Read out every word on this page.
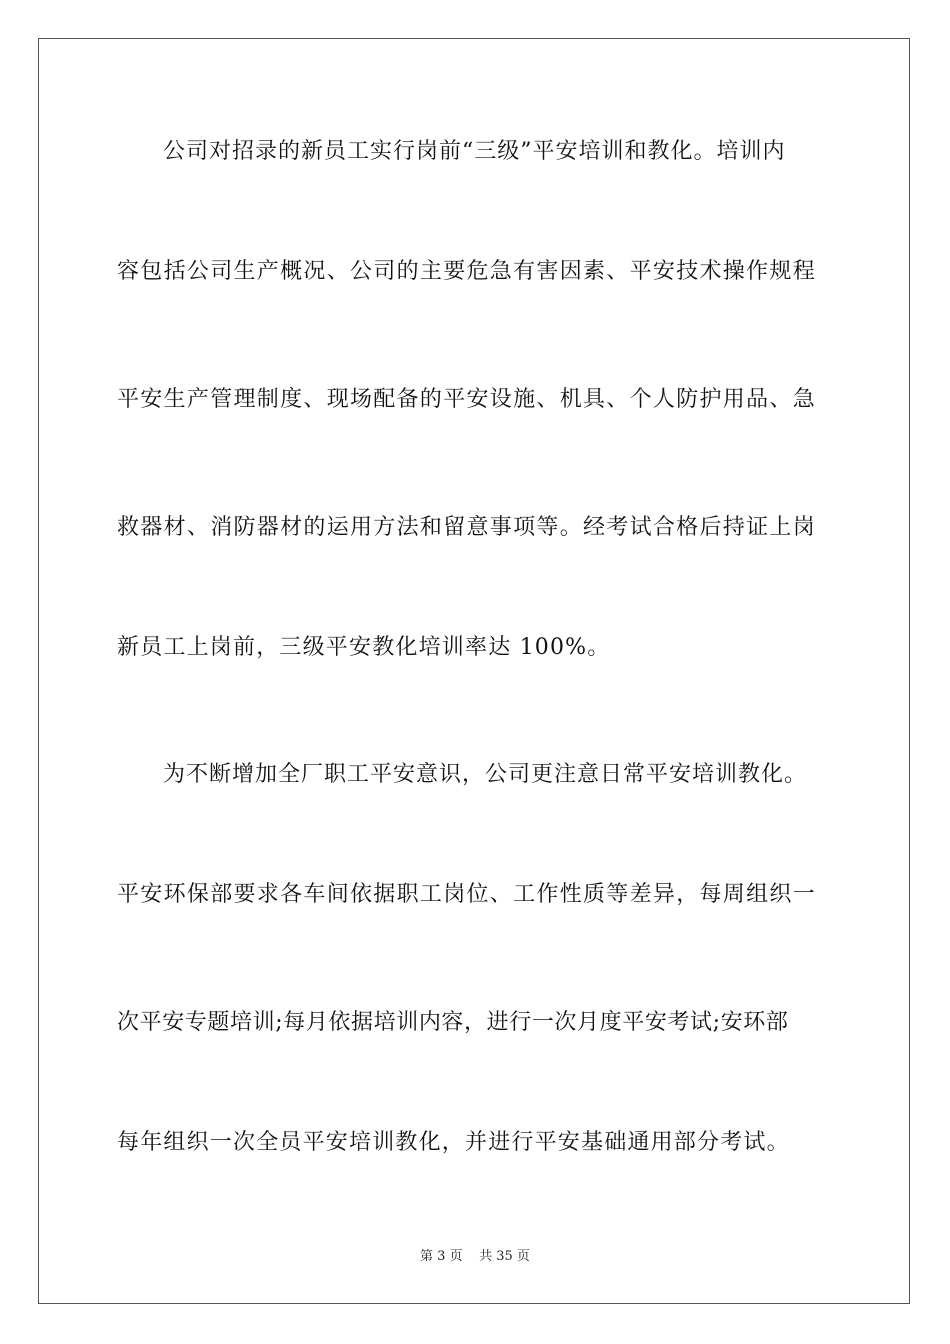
公司对招录的新员工实行岗前“三级”平安培训和教化。培训内
容包括公司生产概况、公司的主要危急有害因素、平安技术操作规程
平安生产管理制度、现场配备的平安设施、机具、个人防护用品、急
救器材、消防器材的运用方法和留意事项等。经考试合格后持证上岗
新员工上岗前，三级平安教化培训率达 100%。
为不断增加全厂职工平安意识，公司更注意日常平安培训教化。
平安环保部要求各车间依据职工岗位、工作性质等差异，每周组织一
次平安专题培训;每月依据培训内容，进行一次月度平安考试;安环部
每年组织一次全员平安培训教化，并进行平安基础通用部分考试。
第 3 页 共 35 页
